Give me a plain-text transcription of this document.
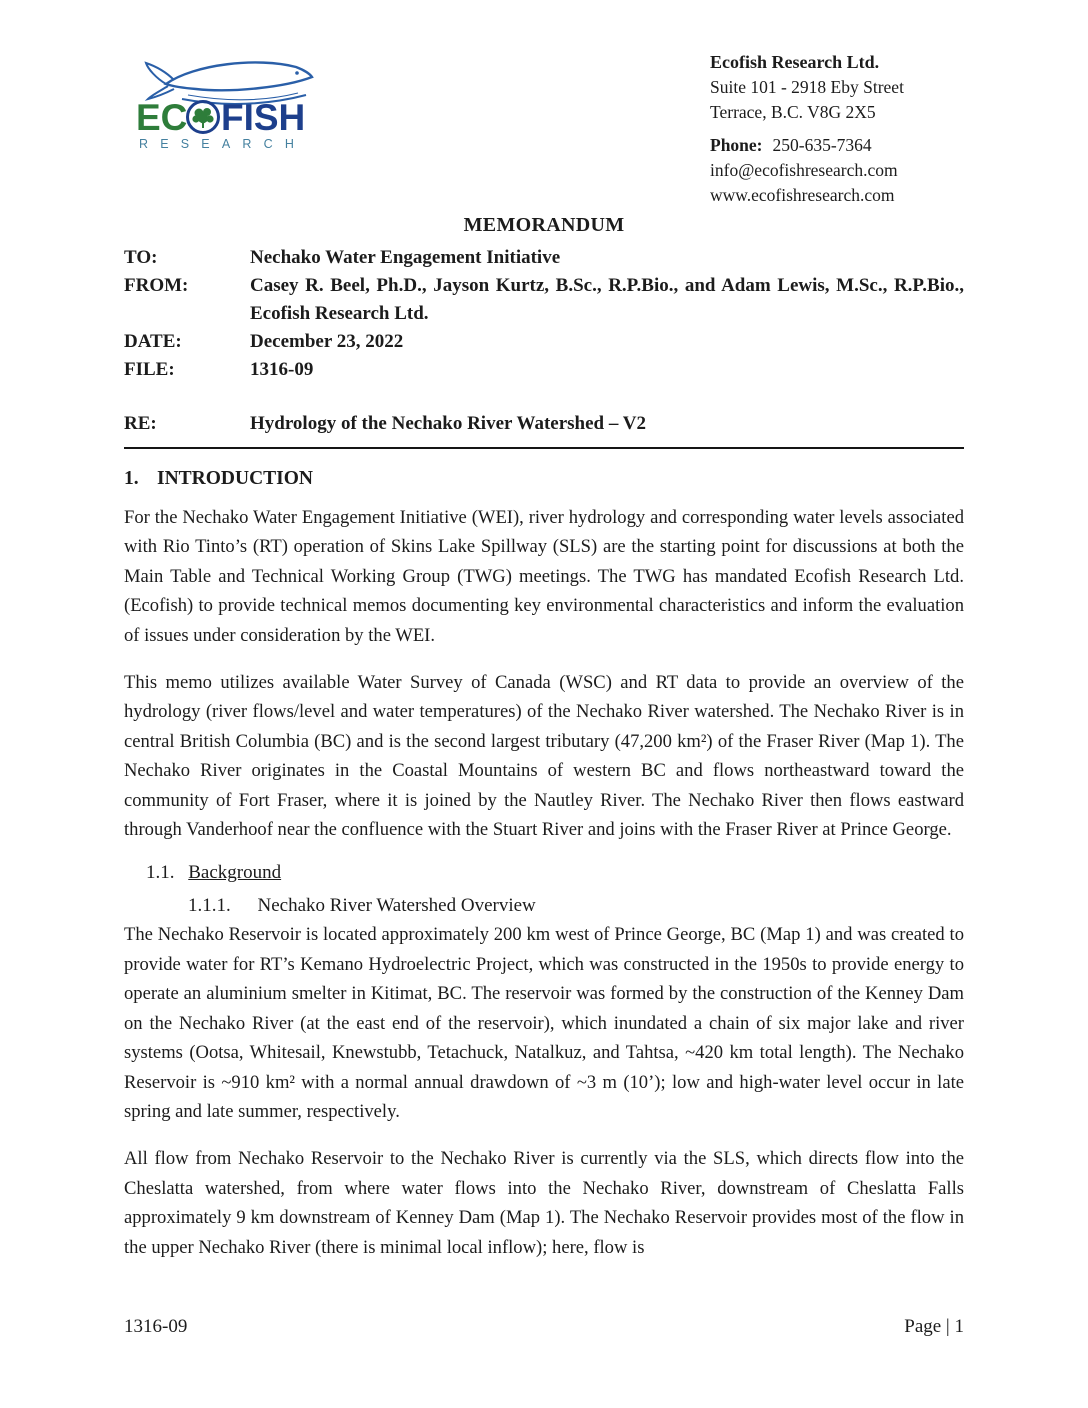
EC FISH
RESEARCH
Ecofish Research Ltd.
Suite 101 - 2918 Eby Street
Terrace, B.C. V8G 2X5
Phone: 250-635-7364
info@ecofishresearch.com
www.ecofishresearch.com
MEMORANDUM
TO:	Nechako Water Engagement Initiative
FROM:	Casey R. Beel, Ph.D., Jayson Kurtz, B.Sc., R.P.Bio., and Adam Lewis, M.Sc., R.P.Bio., Ecofish Research Ltd.
DATE:	December 23, 2022
FILE:	1316-09
RE:	Hydrology of the Nechako River Watershed – V2
1. INTRODUCTION

For the Nechako Water Engagement Initiative (WEI), river hydrology and corresponding water levels associated with Rio Tinto’s (RT) operation of Skins Lake Spillway (SLS) are the starting point for discussions at both the Main Table and Technical Working Group (TWG) meetings. The TWG has mandated Ecofish Research Ltd. (Ecofish) to provide technical memos documenting key environmental characteristics and inform the evaluation of issues under consideration by the WEI.

This memo utilizes available Water Survey of Canada (WSC) and RT data to provide an overview of the hydrology (river flows/level and water temperatures) of the Nechako River watershed. The Nechako River is in central British Columbia (BC) and is the second largest tributary (47,200 km²) of the Fraser River (Map 1). The Nechako River originates in the Coastal Mountains of western BC and flows northeastward toward the community of Fort Fraser, where it is joined by the Nautley River. The Nechako River then flows eastward through Vanderhoof near the confluence with the Stuart River and joins with the Fraser River at Prince George.

1.1. Background
1.1.1. Nechako River Watershed Overview

The Nechako Reservoir is located approximately 200 km west of Prince George, BC (Map 1) and was created to provide water for RT’s Kemano Hydroelectric Project, which was constructed in the 1950s to provide energy to operate an aluminium smelter in Kitimat, BC. The reservoir was formed by the construction of the Kenney Dam on the Nechako River (at the east end of the reservoir), which inundated a chain of six major lake and river systems (Ootsa, Whitesail, Knewstubb, Tetachuck, Natalkuz, and Tahtsa, ~420 km total length). The Nechako Reservoir is ~910 km² with a normal annual drawdown of ~3 m (10’); low and high-water level occur in late spring and late summer, respectively.

All flow from Nechako Reservoir to the Nechako River is currently via the SLS, which directs flow into the Cheslatta watershed, from where water flows into the Nechako River, downstream of Cheslatta Falls approximately 9 km downstream of Kenney Dam (Map 1). The Nechako Reservoir provides most of the flow in the upper Nechako River (there is minimal local inflow); here, flow is

1316-09	Page | 1
